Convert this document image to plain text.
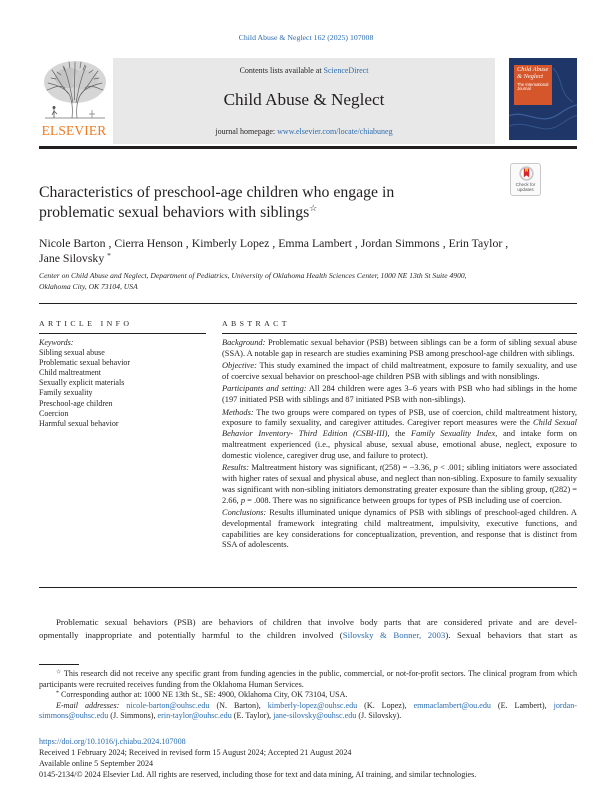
Child Abuse & Neglect 162 (2025) 107008
ELSEVIER
Contents lists available at ScienceDirect
Child Abuse & Neglect
journal homepage: www.elsevier.com/locate/chiabuneg
Child Abuse & Neglect
The International Journal
Check for updates
Characteristics of preschool-age children who engage in problematic sexual behaviors with siblings☆
Nicole Barton , Cierra Henson , Kimberly Lopez , Emma Lambert , Jordan Simmons , Erin Taylor , Jane Silovsky *
Center on Child Abuse and Neglect, Department of Pediatrics, University of Oklahoma Health Sciences Center, 1000 NE 13th St Suite 4900, Oklahoma City, OK 73104, USA
ARTICLE INFO	ABSTRACT
Keywords:
Sibling sexual abuse
Problematic sexual behavior
Child maltreatment
Sexually explicit materials
Family sexuality
Preschool-age children
Coercion
Harmful sexual behavior
Background: Problematic sexual behavior (PSB) between siblings can be a form of sibling sexual abuse (SSA). A notable gap in research are studies examining PSB among preschool-age children with siblings.
Objective: This study examined the impact of child maltreatment, exposure to family sexuality, and use of coercive sexual behavior on preschool-age children PSB with siblings and with nonsiblings.
Participants and setting: All 284 children were ages 3–6 years with PSB who had siblings in the home (197 initiated PSB with siblings and 87 initiated PSB with non-siblings).
Methods: The two groups were compared on types of PSB, use of coercion, child maltreatment history, exposure to family sexuality, and caregiver attitudes. Caregiver report measures were the Child Sexual Behavior Inventory- Third Edition (CSBI-III), the Family Sexuality Index, and intake form on maltreatment experienced (i.e., physical abuse, sexual abuse, emotional abuse, neglect, exposure to domestic violence, caregiver drug use, and failure to protect).
Results: Maltreatment history was significant, t(258) = −3.36, p < .001; sibling initiators were associated with higher rates of sexual and physical abuse, and neglect than non-sibling. Exposure to family sexuality was significant with non-sibling initiators demonstrating greater exposure than the sibling group, t(282) = 2.66, p = .008. There was no significance between groups for types of PSB including use of coercion.
Conclusions: Results illuminated unique dynamics of PSB with siblings of preschool-aged children. A developmental framework integrating child maltreatment, impulsivity, executive functions, and capabilities are key considerations for conceptualization, prevention, and response that is distinct from SSA of adolescents.
Problematic sexual behaviors (PSB) are behaviors of children that involve body parts that are considered private and are devel-
opmentally inappropriate and potentially harmful to the children involved (Silovsky & Bonner, 2003). Sexual behaviors that start as
☆ This research did not receive any specific grant from funding agencies in the public, commercial, or not-for-profit sectors. The clinical program from which participants were recruited receives funding from the Oklahoma Human Services.
* Corresponding author at: 1000 NE 13th St., SE: 4900, Oklahoma City, OK 73104, USA.
E-mail addresses: nicole-barton@ouhsc.edu (N. Barton), kimberly-lopez@ouhsc.edu (K. Lopez), emmaclambert@ou.edu (E. Lambert), jordan-simmons@ouhsc.edu (J. Simmons), erin-taylor@ouhsc.edu (E. Taylor), jane-silovsky@ouhsc.edu (J. Silovsky).
https://doi.org/10.1016/j.chiabu.2024.107008
Received 1 February 2024; Received in revised form 15 August 2024; Accepted 21 August 2024
Available online 5 September 2024
0145-2134/© 2024 Elsevier Ltd. All rights are reserved, including those for text and data mining, AI training, and similar technologies.
